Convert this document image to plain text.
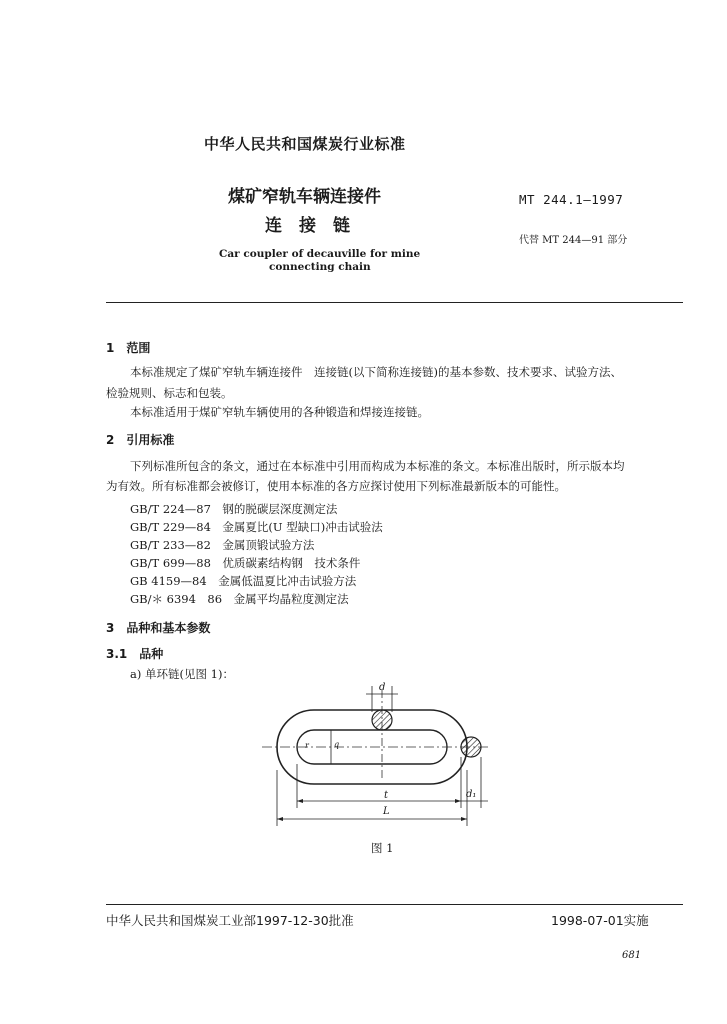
中华人民共和国煤炭行业标准
煤矿窄轨车辆连接件
连　接　链
Car coupler of decauville for mine
connecting chain
MT 244.1—1997
代替 MT 244—91 部分
1　范围
本标准规定了煤矿窄轨车辆连接件　连接链(以下简称连接链)的基本参数、技术要求、试验方法、
检验规则、标志和包装。
本标准适用于煤矿窄轨车辆使用的各种锻造和焊接连接链。
2　引用标准
下列标准所包含的条文，通过在本标准中引用而构成为本标准的条文。本标准出版时，所示版本均
为有效。所有标准都会被修订，使用本标准的各方应探讨使用下列标准最新版本的可能性。
GB/T 224—87　钢的脱碳层深度测定法
GB/T 229—84　金属夏比(U 型缺口)冲击试验法
GB/T 233—82　金属顶锻试验方法
GB/T 699—88　优质碳素结构钢　技术条件
GB 4159—84　金属低温夏比冲击试验方法
GB/＊ 6394　86　金属平均晶粒度测定法
3　品种和基本参数
3.1　品种
a) 单环链(见图 1)：
d
r	q
t	d₁
L
图 1
中华人民共和国煤炭工业部1997-12-30批准	1998-07-01实施
681
